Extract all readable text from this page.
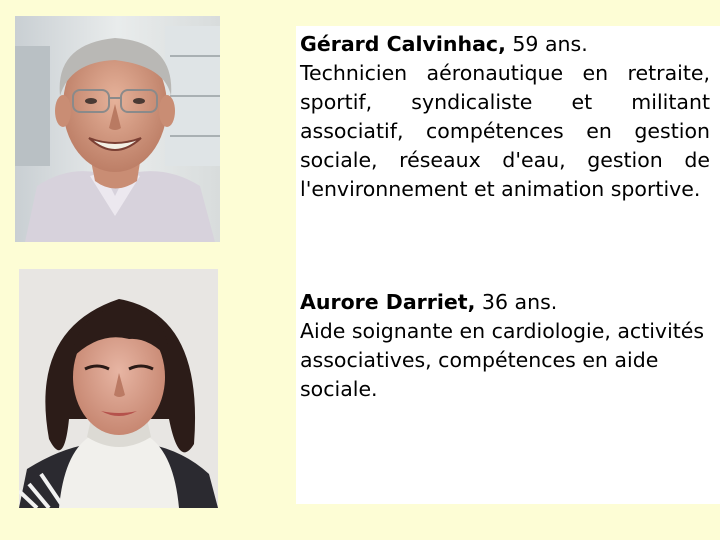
Gérard Calvinhac, 59 ans.
Technicien aéronautique en retraite, sportif, syndicaliste et militant associatif, compétences en gestion sociale, réseaux d'eau, gestion de l'environnement et animation sportive.

Aurore Darriet, 36 ans.
Aide soignante en cardiologie, activités associatives, compétences en aide sociale.
